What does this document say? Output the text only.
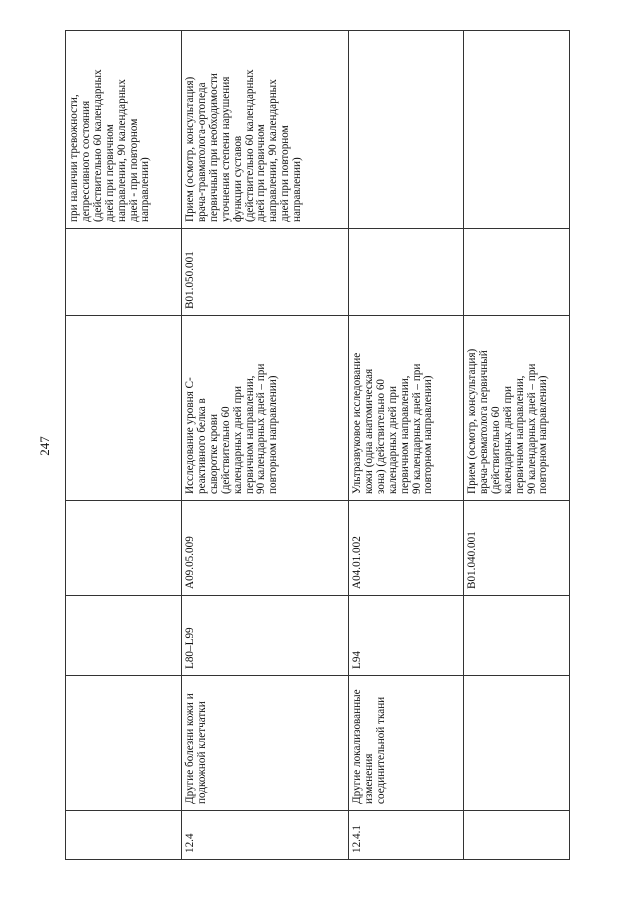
247
при наличии тревожности,
депрессивного состояния
(действительно 60 календарных
дней при первичном
направлении, 90 календарных
дней - при повторном
направлении)	Прием (осмотр, консультация)
врача-травматолога-ортопеда
первичный при необходимости
уточнения степени нарушения
функции суставов
(действительно 60 календарных
дней при первичном
направлении, 90 календарных
дней при повторном
направлении)
B01.050.001
Исследование уровня С-
реактивного белка в
сыворотке крови
(действительно 60
календарных дней при
первичном направлении,
90 календарных дней – при
повторном направлении)
A09.05.009
L80–L99
Другие болезни кожи и
подкожной клетчатки
12.4
Ультразвуковое исследование
кожи (одна анатомическая
зона) (действительно 60
календарных дней при
первичном направлении,
90 календарных дней – при
повторном направлении)
A04.01.002
L94
Другие локализованные
изменения
соединительной ткани
12.4.1
Прием (осмотр, консультация)
врача-ревматолога первичный
(действительно 60
календарных дней при
первичном направлении,
90 календарных дней – при
повторном направлении)
B01.040.001
